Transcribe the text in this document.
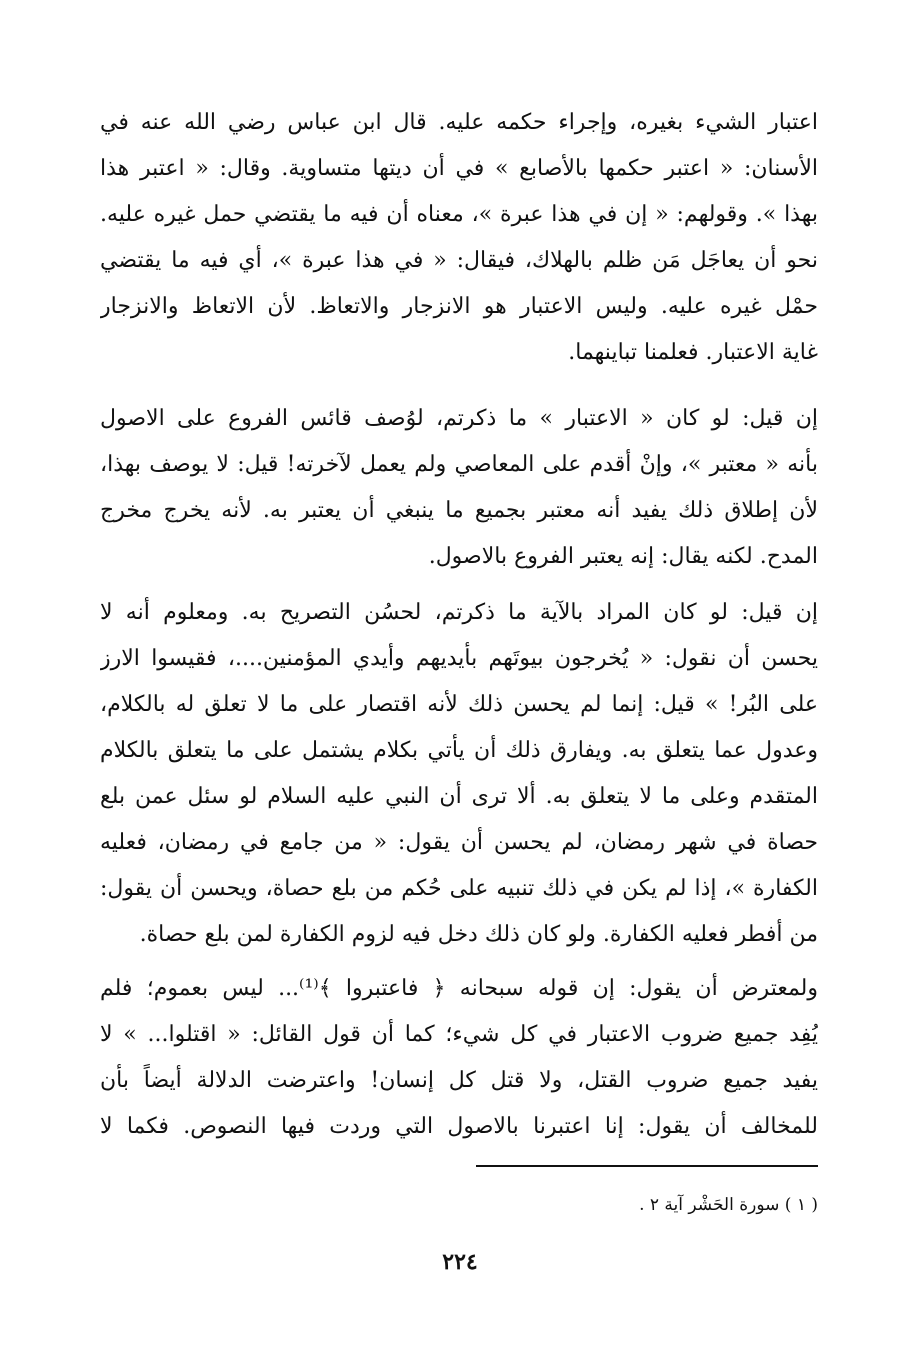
اعتبار الشيء بغيره، وإجراء حكمه عليه. قال ابن عباس رضي الله عنه في
الأسنان: « اعتبر حكمها بالأصابع » في أن ديتها متساوية. وقال: « اعتبر هذا
بهذا ». وقولهم: « إن في هذا عبرة »، معناه أن فيه ما يقتضي حمل غيره عليه.
نحو أن يعاجَل مَن ظلم بالهلاك، فيقال: « في هذا عبرة »، أي فيه ما يقتضي
حمْل غيره عليه. وليس الاعتبار هو الانزجار والاتعاظ. لأن الاتعاظ والانزجار
غاية الاعتبار. فعلمنا تباينهما.
إن قيل: لو كان « الاعتبار » ما ذكرتم، لوُصف قائس الفروع على الاصول
بأنه « معتبر »، وإنْ أقدم على المعاصي ولم يعمل لآخرته! قيل: لا يوصف بهذا،
لأن إطلاق ذلك يفيد أنه معتبر بجميع ما ينبغي أن يعتبر به. لأنه يخرج مخرج
المدح. لكنه يقال: إنه يعتبر الفروع بالاصول.
إن قيل: لو كان المراد بالآية ما ذكرتم، لحسُن التصريح به. ومعلوم أنه لا
يحسن أن نقول: « يُخرجون بيوتَهم بأيديهم وأيدي المؤمنين....، فقيسوا الارز
على البُر! » قيل: إنما لم يحسن ذلك لأنه اقتصار على ما لا تعلق له بالكلام،
وعدول عما يتعلق به. ويفارق ذلك أن يأتي بكلام يشتمل على ما يتعلق بالكلام
المتقدم وعلى ما لا يتعلق به. ألا ترى أن النبي عليه السلام لو سئل عمن بلع
حصاة في شهر رمضان، لم يحسن أن يقول: « من جامع في رمضان، فعليه
الكفارة »، إذا لم يكن في ذلك تنبيه على حُكم من بلع حصاة، ويحسن أن يقول:
من أفطر فعليه الكفارة. ولو كان ذلك دخل فيه لزوم الكفارة لمن بلع حصاة.
ولمعترض أن يقول: إن قوله سبحانه ﴿ فاعتبروا ﴾⁽¹⁾... ليس بعموم؛ فلم
يُفِد جميع ضروب الاعتبار في كل شيء؛ كما أن قول القائل: « اقتلوا... » لا
يفيد جميع ضروب القتل، ولا قتل كل إنسان! واعترضت الدلالة أيضاً بأن
للمخالف أن يقول: إنا اعتبرنا بالاصول التي وردت فيها النصوص. فكما لا
( ١ ) سورة الحَشْر آية ٢ .
٢٢٤
